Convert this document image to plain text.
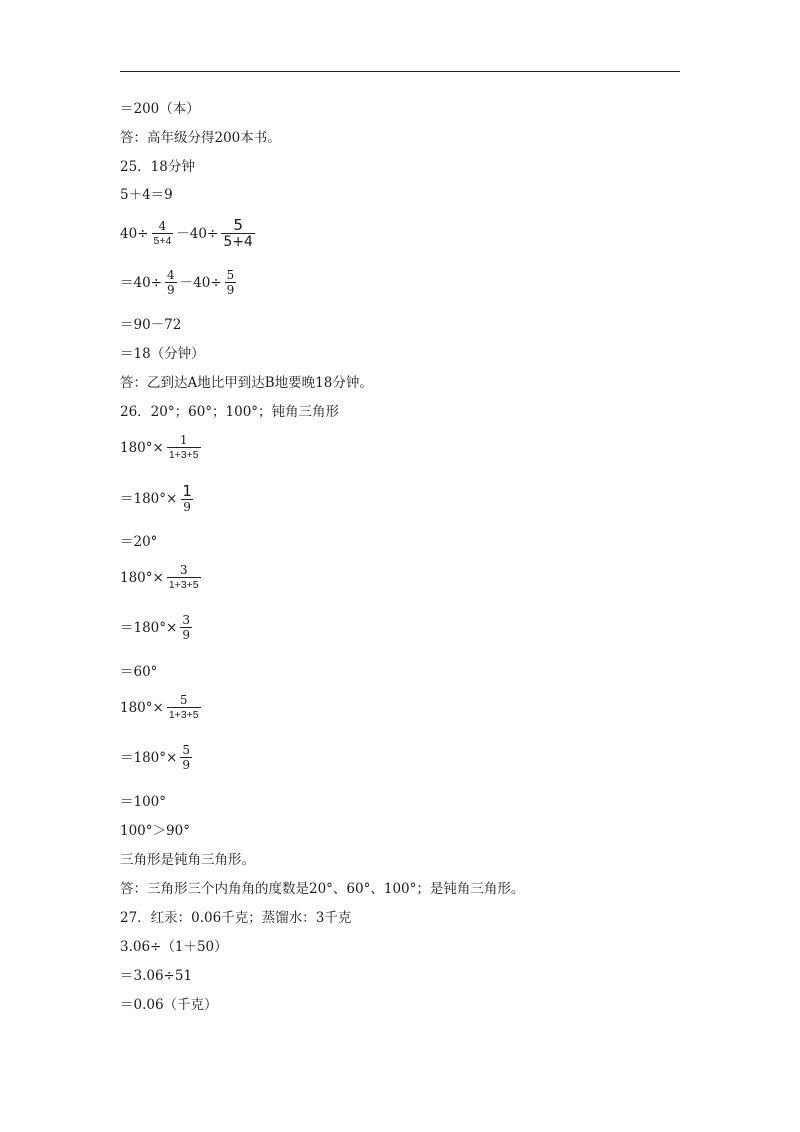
＝200（本）
答：高年级分得200本书。
25．18分钟
5＋4＝9
$40\div \frac{4}{5+4} -40\div \frac{5}{5+4}$
$=40\div \frac{4}{9} -40\div \frac{5}{9}$
＝90－72
＝18（分钟）
答：乙到达A地比甲到达B地要晚18分钟。
26．20°；60°；100°；钝角三角形
$180^\circ\times \frac{1}{1+3+5}$
＝180°× 1
9
＝20°
$180^\circ\times \frac{3}{1+3+5}$
$=180^\circ\times \frac{3}{9}$
＝60°
$180^\circ\times \frac{5}{1+3+5}$
$=180^\circ\times \frac{5}{9}$
＝100°
100°＞90°
三角形是钝角三角形。
答：三角形三个内角角的度数是20°、60°、100°；是钝角三角形。
27．红汞：0.06千克；蒸馏水：3千克
3.06÷（1＋50）
＝3.06÷51
＝0.06（千克）
